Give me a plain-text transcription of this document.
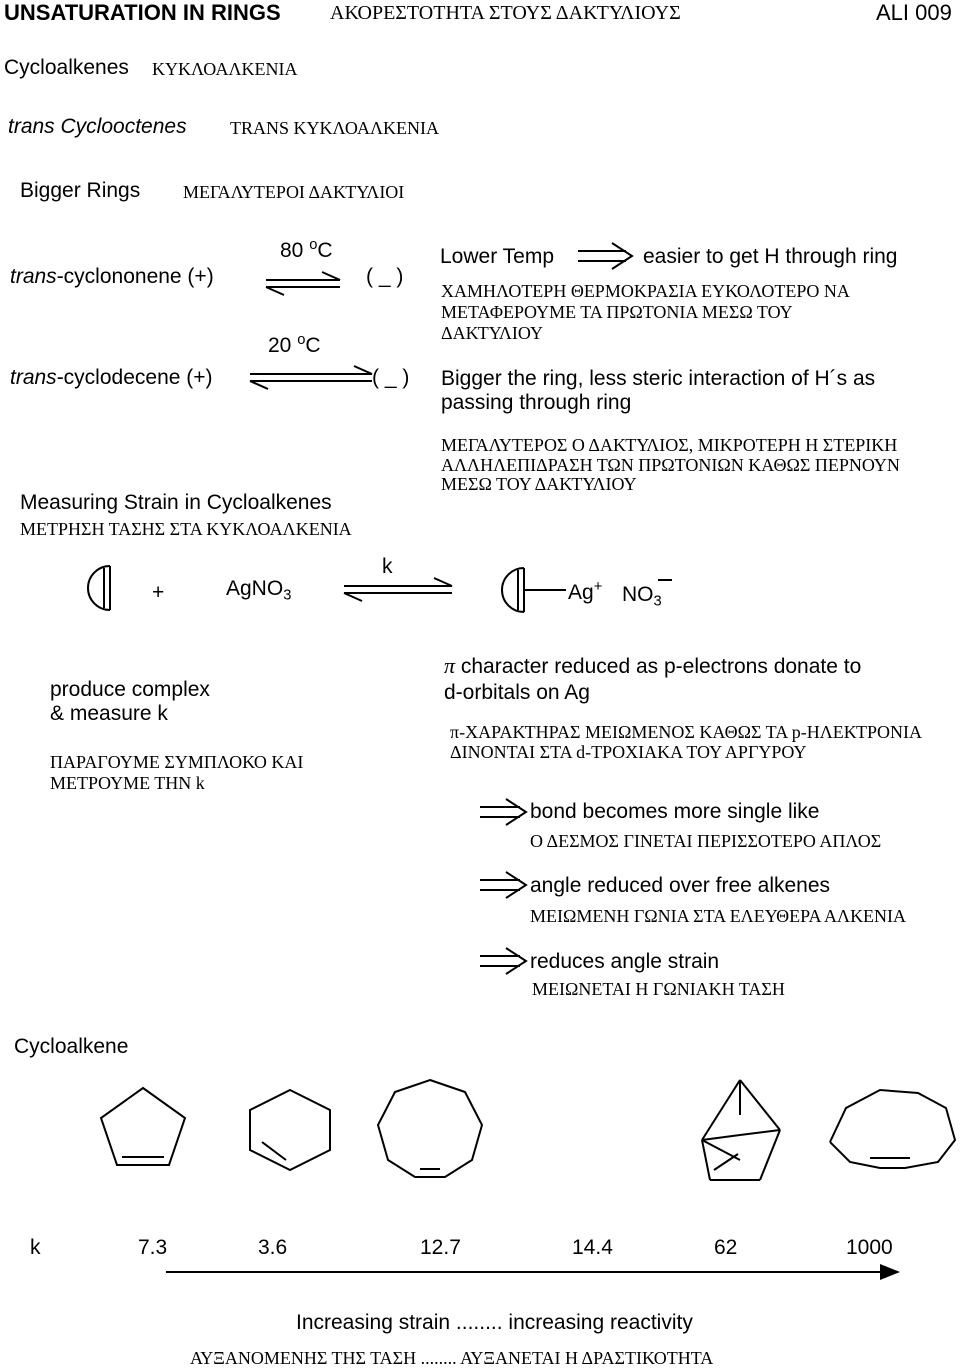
UNSATURATION IN RINGS ΑΚΟΡΕΣΤΟΤΗΤΑ ΣΤΟΥΣ ΔΑΚΤΥΛΙΟΥΣ	ALI 009
Cycloalkenes ΚΥΚΛΟΑΛΚΕΝΙΑ
trans Cyclooctenes TRANS ΚΥΚΛΟΑΛΚΕΝΙΑ
Bigger Rings ΜΕΓΑΛΥΤΕΡΟΙ ΔΑΚΤΥΛΙΟΙ
trans-cyclononene (+)
80 $^o$C
( _ )
20 $^o$C
trans-cyclodecene (+)	( _ )
Lower Temp	easier to get H through ring
ΧΑΜΗΛΟΤΕΡΗ ΘΕΡΜΟΚΡΑΣΙΑ ΕΥΚΟΛΟΤΕΡΟ ΝΑ
ΜΕΤΑΦΕΡΟΥΜΕ ΤΑ ΠΡΩΤΟΝΙΑ ΜΕΣΩ ΤΟΥ
ΔΑΚΤΥΛΙΟΥ
Bigger the ring, less steric interaction of H´s as
passing through ring
ΜΕΓΑΛΥΤΕΡΟΣ Ο ΔΑΚΤΥΛΙΟΣ, ΜΙΚΡΟΤΕΡΗ Η ΣΤΕΡΙΚΗ
ΑΛΛΗΛΕΠΙΔΡΑΣΗ ΤΩΝ ΠΡΩΤΟΝΙΩΝ ΚΑΘΩΣ ΠΕΡΝΟΥΝ
ΜΕΣΩ ΤΟΥ ΔΑΚΤΥΛΙΟΥ
Measuring Strain in Cycloalkenes
ΜΕΤΡΗΣΗ ΤΑΣΗΣ ΣΤΑ ΚΥΚΛΟΑΛΚΕΝΙΑ
+	AgNO$_3$
k
Ag+ $NO_3$
produce complex
& measure k
ΠΑΡΑΓΟΥΜΕ ΣΥΜΠΛΟΚΟ ΚΑΙ
ΜΕΤΡΟΥΜΕ ΤΗΝ k
π character reduced as p-electrons donate to
d-orbitals on Ag
π-ΧΑΡΑΚΤΗΡΑΣ ΜΕΙΩΜΕΝΟΣ ΚΑΘΩΣ ΤΑ p-ΗΛΕΚΤΡΟΝΙΑ
ΔΙΝΟΝΤΑΙ ΣΤΑ d-ΤΡΟΧΙΑΚΑ ΤΟΥ ΑΡΓΥΡΟΥ
bond becomes more single like
Ο ΔΕΣΜΟΣ ΓΙΝΕΤΑΙ ΠΕΡΙΣΣΟΤΕΡΟ ΑΠΛΟΣ
angle reduced over free alkenes
ΜΕΙΩΜΕΝΗ ΓΩΝΙΑ ΣΤΑ ΕΛΕΥΘΕΡΑ ΑΛΚΕΝΙΑ
reduces angle strain
ΜΕΙΩΝΕΤΑΙ Η ΓΩΝΙΑΚΗ ΤΑΣΗ
Cycloalkene
k	7.3	3.6	12.7	14.4	62	1000
Increasing strain ........ increasing reactivity
ΑΥΞΑΝΟΜΕΝΗΣ ΤΗΣ ΤΑΣΗ ........ ΑΥΞΑΝΕΤΑΙ Η ΔΡΑΣΤΙΚΟΤΗΤΑ
